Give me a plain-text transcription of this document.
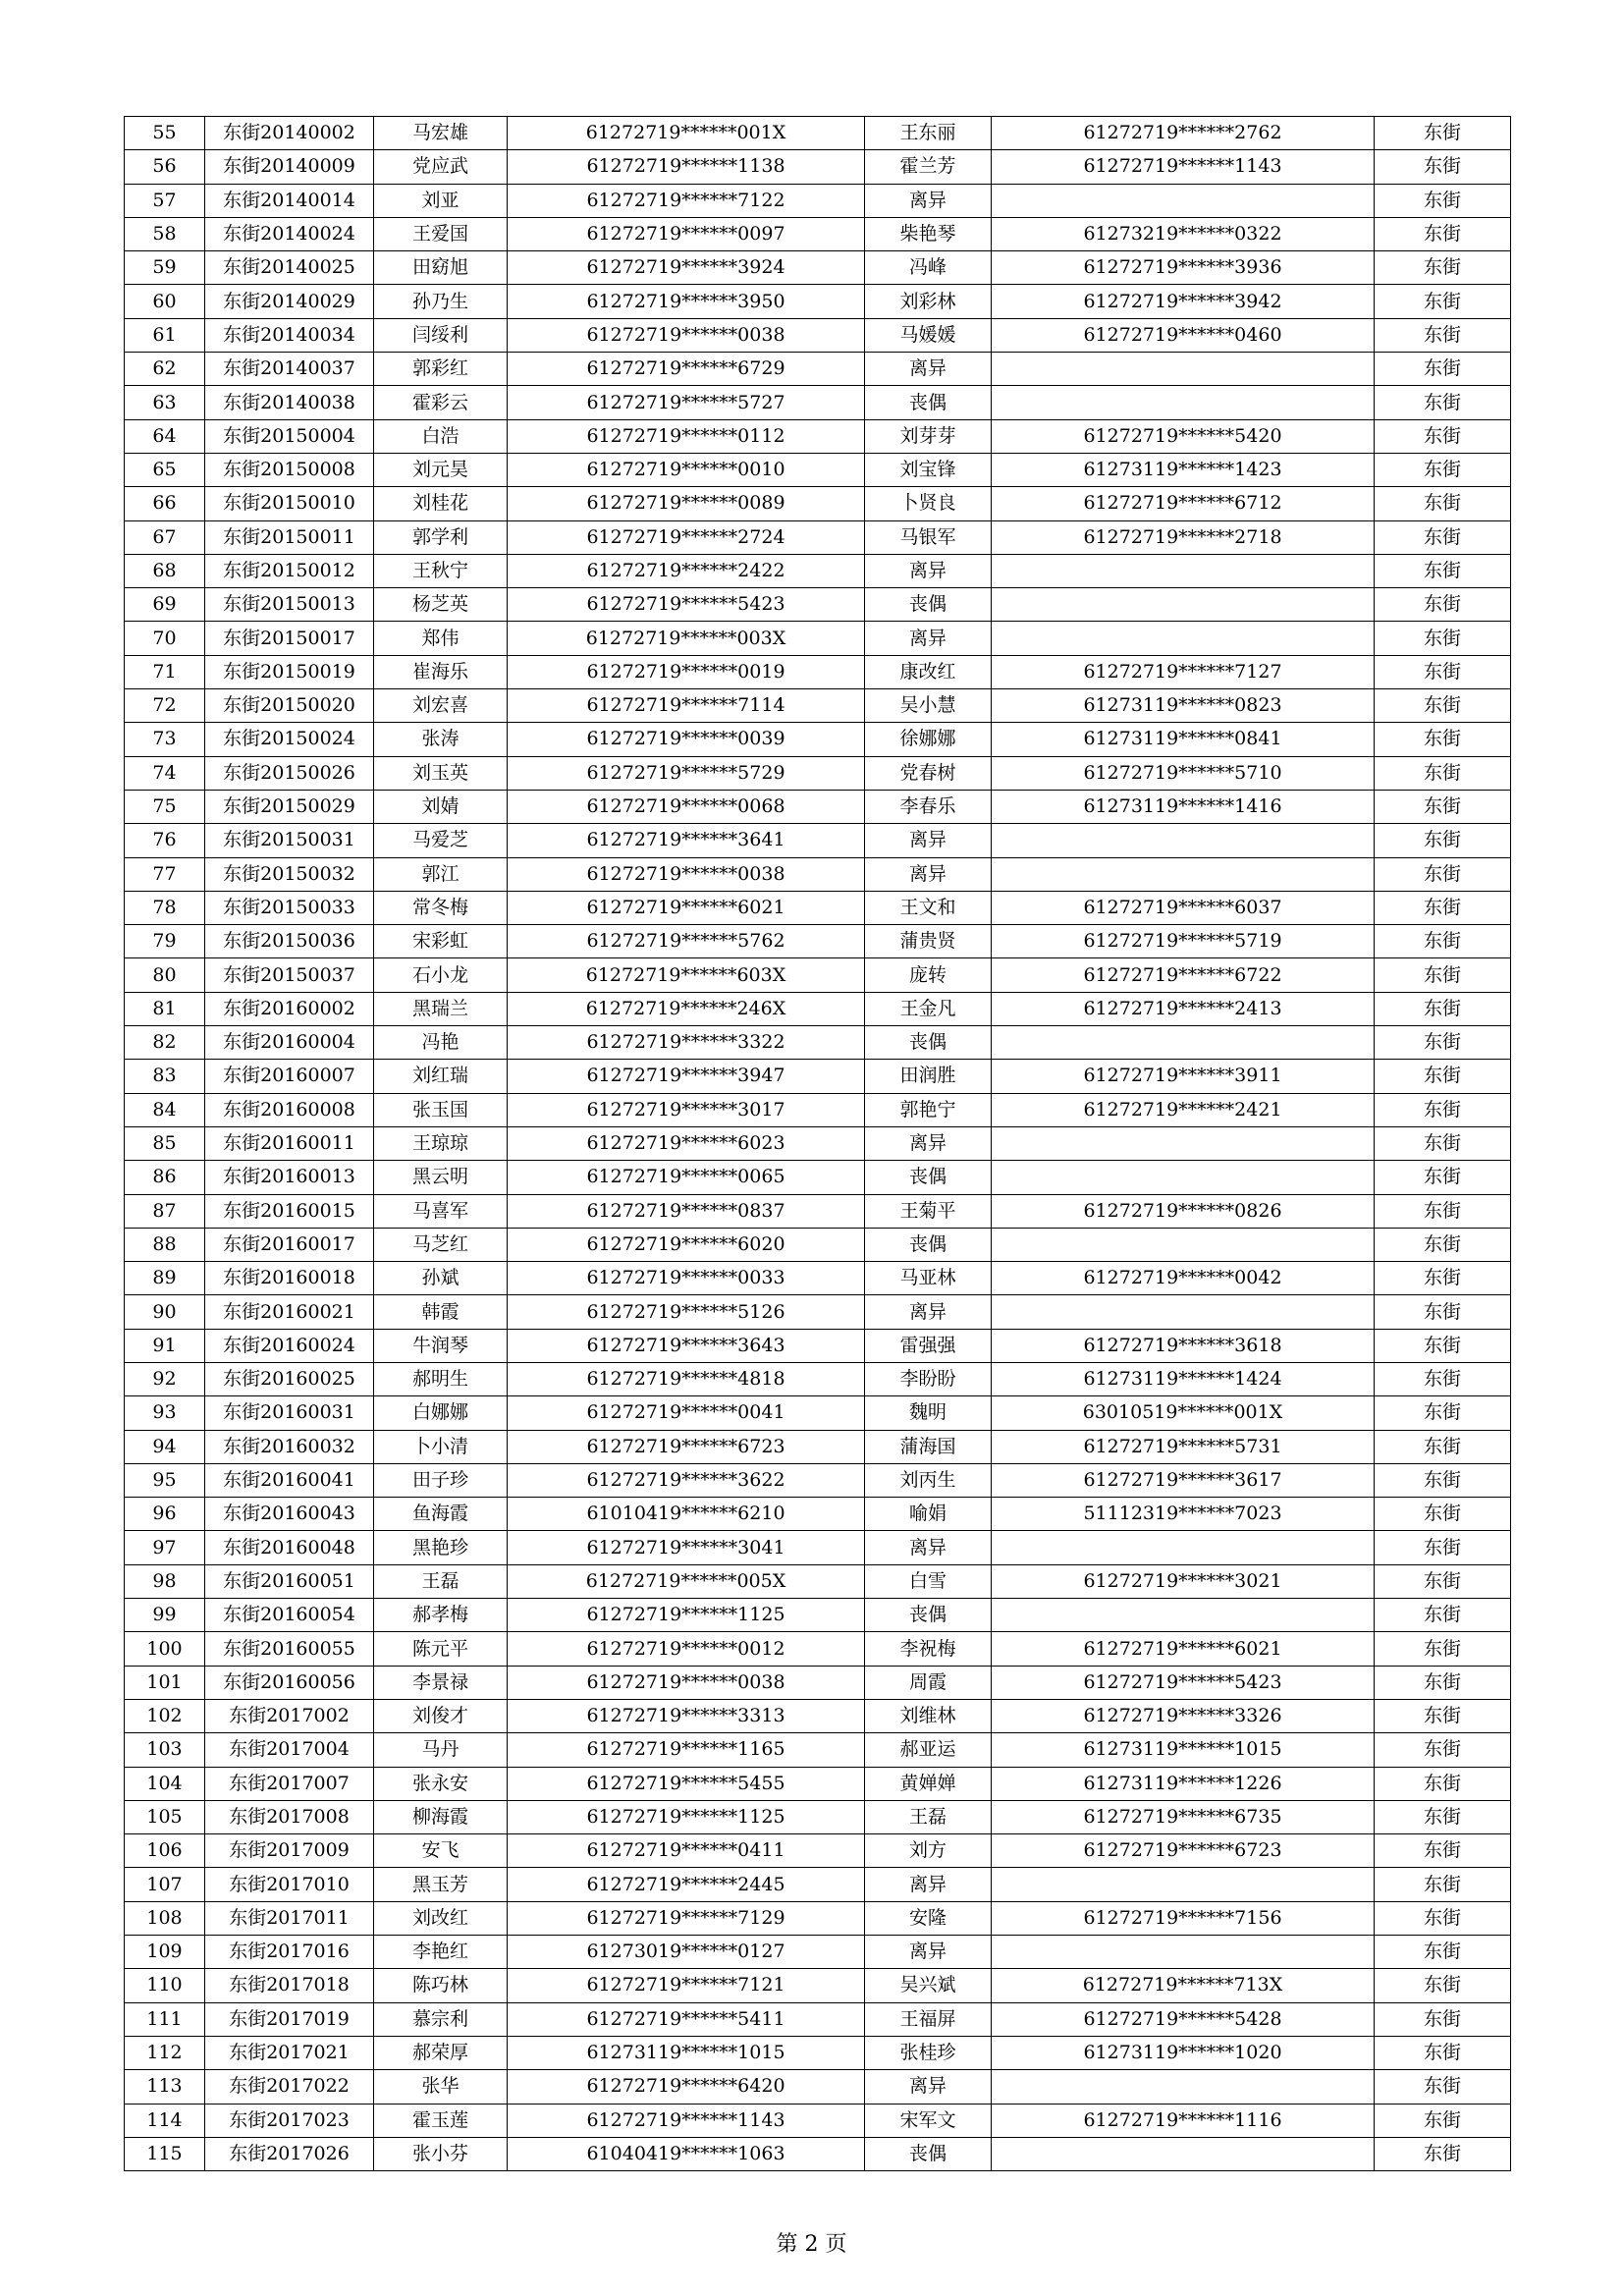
55	东街20140002	马宏雄	61272719******001X	王东丽	61272719******2762	东街
56	东街20140009	党应武	61272719******1138	霍兰芳	61272719******1143	东街
57	东街20140014	刘亚	61272719******7122	离异		东街
58	东街20140024	王爱国	61272719******0097	柴艳琴	61273219******0322	东街
59	东街20140025	田窈旭	61272719******3924	冯峰	61272719******3936	东街
60	东街20140029	孙乃生	61272719******3950	刘彩林	61272719******3942	东街
61	东街20140034	闫绥利	61272719******0038	马媛媛	61272719******0460	东街
62	东街20140037	郭彩红	61272719******6729	离异		东街
63	东街20140038	霍彩云	61272719******5727	丧偶		东街
64	东街20150004	白浩	61272719******0112	刘芽芽	61272719******5420	东街
65	东街20150008	刘元昊	61272719******0010	刘宝锋	61273119******1423	东街
66	东街20150010	刘桂花	61272719******0089	卜贤良	61272719******6712	东街
67	东街20150011	郭学利	61272719******2724	马银军	61272719******2718	东街
68	东街20150012	王秋宁	61272719******2422	离异		东街
69	东街20150013	杨芝英	61272719******5423	丧偶		东街
70	东街20150017	郑伟	61272719******003X	离异		东街
71	东街20150019	崔海乐	61272719******0019	康改红	61272719******7127	东街
72	东街20150020	刘宏喜	61272719******7114	吴小慧	61273119******0823	东街
73	东街20150024	张涛	61272719******0039	徐娜娜	61273119******0841	东街
74	东街20150026	刘玉英	61272719******5729	党春树	61272719******5710	东街
75	东街20150029	刘婧	61272719******0068	李春乐	61273119******1416	东街
76	东街20150031	马爱芝	61272719******3641	离异		东街
77	东街20150032	郭江	61272719******0038	离异		东街
78	东街20150033	常冬梅	61272719******6021	王文和	61272719******6037	东街
79	东街20150036	宋彩虹	61272719******5762	蒲贵贤	61272719******5719	东街
80	东街20150037	石小龙	61272719******603X	庞转	61272719******6722	东街
81	东街20160002	黑瑞兰	61272719******246X	王金凡	61272719******2413	东街
82	东街20160004	冯艳	61272719******3322	丧偶		东街
83	东街20160007	刘红瑞	61272719******3947	田润胜	61272719******3911	东街
84	东街20160008	张玉国	61272719******3017	郭艳宁	61272719******2421	东街
85	东街20160011	王琼琼	61272719******6023	离异		东街
86	东街20160013	黑云明	61272719******0065	丧偶		东街
87	东街20160015	马喜军	61272719******0837	王菊平	61272719******0826	东街
88	东街20160017	马芝红	61272719******6020	丧偶		东街
89	东街20160018	孙斌	61272719******0033	马亚林	61272719******0042	东街
90	东街20160021	韩霞	61272719******5126	离异		东街
91	东街20160024	牛润琴	61272719******3643	雷强强	61272719******3618	东街
92	东街20160025	郝明生	61272719******4818	李盼盼	61273119******1424	东街
93	东街20160031	白娜娜	61272719******0041	魏明	63010519******001X	东街
94	东街20160032	卜小清	61272719******6723	蒲海国	61272719******5731	东街
95	东街20160041	田子珍	61272719******3622	刘丙生	61272719******3617	东街
96	东街20160043	鱼海霞	61010419******6210	喻娟	51112319******7023	东街
97	东街20160048	黑艳珍	61272719******3041	离异		东街
98	东街20160051	王磊	61272719******005X	白雪	61272719******3021	东街
99	东街20160054	郝孝梅	61272719******1125	丧偶		东街
100	东街20160055	陈元平	61272719******0012	李祝梅	61272719******6021	东街
101	东街20160056	李景禄	61272719******0038	周霞	61272719******5423	东街
102	东街2017002	刘俊才	61272719******3313	刘维林	61272719******3326	东街
103	东街2017004	马丹	61272719******1165	郝亚运	61273119******1015	东街
104	东街2017007	张永安	61272719******5455	黄婵婵	61273119******1226	东街
105	东街2017008	柳海霞	61272719******1125	王磊	61272719******6735	东街
106	东街2017009	安飞	61272719******0411	刘方	61272719******6723	东街
107	东街2017010	黑玉芳	61272719******2445	离异		东街
108	东街2017011	刘改红	61272719******7129	安隆	61272719******7156	东街
109	东街2017016	李艳红	61273019******0127	离异		东街
110	东街2017018	陈巧林	61272719******7121	吴兴斌	61272719******713X	东街
111	东街2017019	慕宗利	61272719******5411	王福屏	61272719******5428	东街
112	东街2017021	郝荣厚	61273119******1015	张桂珍	61273119******1020	东街
113	东街2017022	张华	61272719******6420	离异		东街
114	东街2017023	霍玉莲	61272719******1143	宋军文	61272719******1116	东街
115	东街2017026	张小芬	61040419******1063	丧偶		东街
第 2 页
